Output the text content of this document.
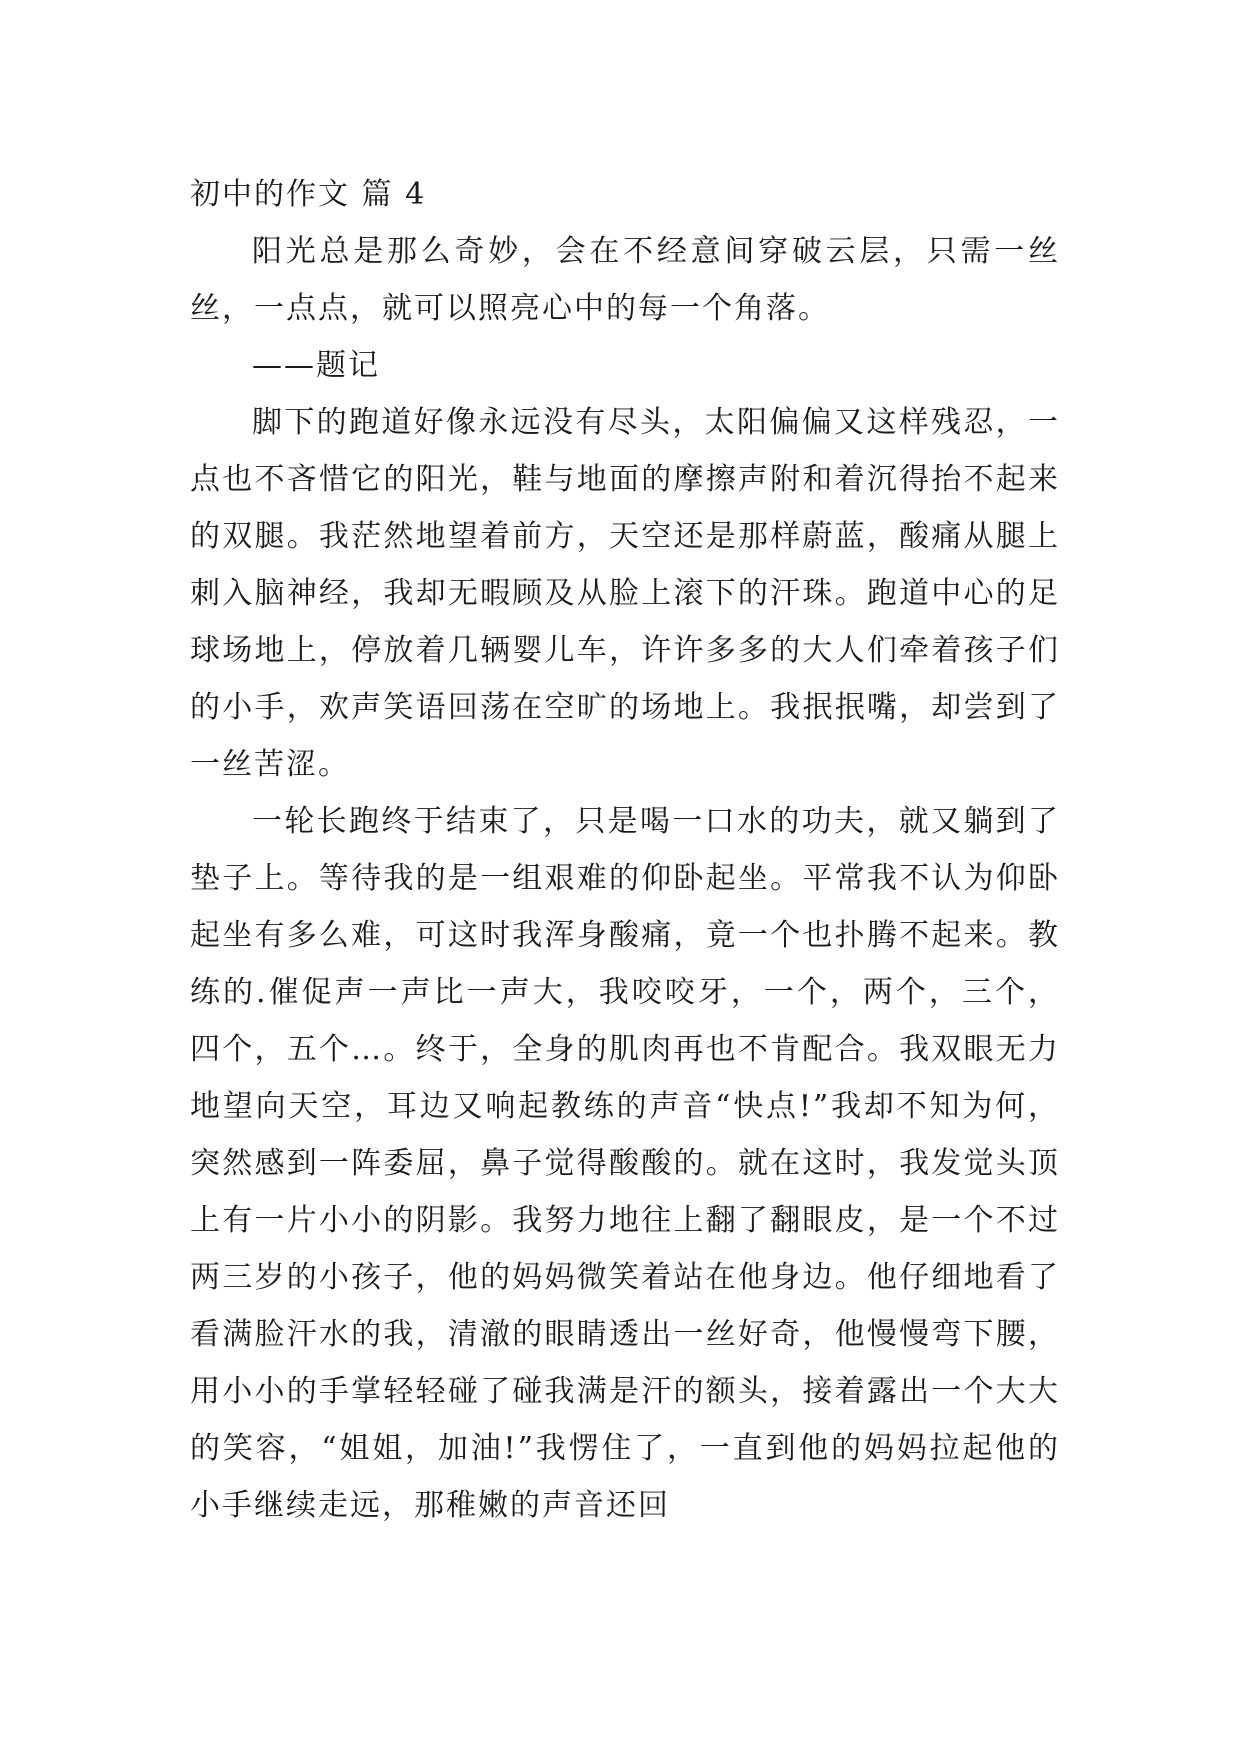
初中的作文 篇 4

阳光总是那么奇妙，会在不经意间穿破云层，只需一丝丝，一点点，就可以照亮心中的每一个角落。

——题记

脚下的跑道好像永远没有尽头，太阳偏偏又这样残忍，一点也不吝惜它的阳光，鞋与地面的摩擦声附和着沉得抬不起来的双腿。我茫然地望着前方，天空还是那样蔚蓝，酸痛从腿上刺入脑神经，我却无暇顾及从脸上滚下的汗珠。跑道中心的足球场地上，停放着几辆婴儿车，许许多多的大人们牵着孩子们的小手，欢声笑语回荡在空旷的场地上。我抿抿嘴，却尝到了一丝苦涩。

一轮长跑终于结束了，只是喝一口水的功夫，就又躺到了垫子上。等待我的是一组艰难的仰卧起坐。平常我不认为仰卧起坐有多么难，可这时我浑身酸痛，竟一个也扑腾不起来。教练的.催促声一声比一声大，我咬咬牙，一个，两个，三个，四个，五个…。终于，全身的肌肉再也不肯配合。我双眼无力地望向天空，耳边又响起教练的声音“快点!”我却不知为何，突然感到一阵委屈，鼻子觉得酸酸的。就在这时，我发觉头顶上有一片小小的阴影。我努力地往上翻了翻眼皮，是一个不过两三岁的小孩子，他的妈妈微笑着站在他身边。他仔细地看了看满脸汗水的我，清澈的眼睛透出一丝好奇，他慢慢弯下腰，用小小的手掌轻轻碰了碰我满是汗的额头，接着露出一个大大的笑容，“姐姐，加油!”我愣住了，一直到他的妈妈拉起他的小手继续走远，那稚嫩的声音还回
